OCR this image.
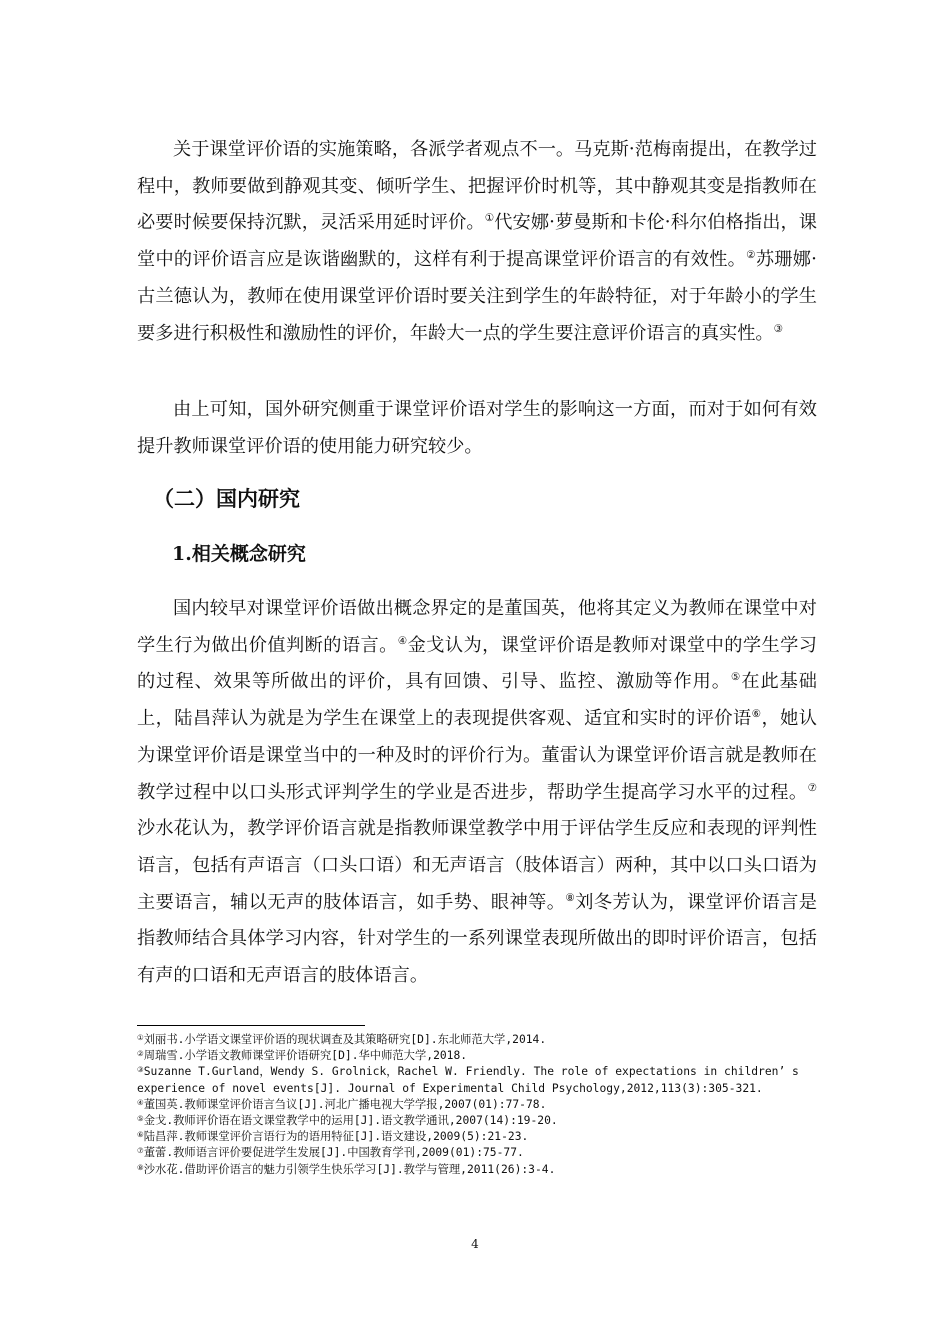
关于课堂评价语的实施策略，各派学者观点不一。马克斯·范梅南提出，在教学过程中，教师要做到静观其变、倾听学生、把握评价时机等，其中静观其变是指教师在必要时候要保持沉默，灵活采用延时评价。①代安娜·萝曼斯和卡伦·科尔伯格指出，课堂中的评价语言应是诙谐幽默的，这样有利于提高课堂评价语言的有效性。②苏珊娜·古兰德认为，教师在使用课堂评价语时要关注到学生的年龄特征，对于年龄小的学生要多进行积极性和激励性的评价，年龄大一点的学生要注意评价语言的真实性。③

由上可知，国外研究侧重于课堂评价语对学生的影响这一方面，而对于如何有效提升教师课堂评价语的使用能力研究较少。

（二）国内研究
1.相关概念研究

国内较早对课堂评价语做出概念界定的是董国英，他将其定义为教师在课堂中对学生行为做出价值判断的语言。④金戈认为，课堂评价语是教师对课堂中的学生学习的过程、效果等所做出的评价，具有回馈、引导、监控、激励等作用。⑤在此基础上，陆昌萍认为就是为学生在课堂上的表现提供客观、适宜和实时的评价语⑥，她认为课堂评价语是课堂当中的一种及时的评价行为。董雷认为课堂评价语言就是教师在教学过程中以口头形式评判学生的学业是否进步，帮助学生提高学习水平的过程。⑦沙水花认为，教学评价语言就是指教师课堂教学中用于评估学生反应和表现的评判性语言，包括有声语言（口头口语）和无声语言（肢体语言）两种，其中以口头口语为主要语言，辅以无声的肢体语言，如手势、眼神等。⑧刘冬芳认为，课堂评价语言是指教师结合具体学习内容，针对学生的一系列课堂表现所做出的即时评价语言，包括有声的口语和无声语言的肢体语言。

①刘丽书.小学语文课堂评价语的现状调查及其策略研究[D].东北师范大学,2014.
②周瑞雪.小学语文教师课堂评价语研究[D].华中师范大学,2018.
③Suzanne T.Gurland，Wendy S. Grolnick，Rachel W. Friendly. The role of expectations in children’ s experience of novel events[J]. Journal of Experimental Child Psychology,2012,113(3):305-321.
④董国英.教师课堂评价语言刍议[J].河北广播电视大学学报,2007(01):77-78.
⑤金戈.教师评价语在语文课堂教学中的运用[J].语文教学通讯,2007(14):19-20.
⑥陆昌萍.教师课堂评价言语行为的语用特征[J].语文建设,2009(5):21-23.
⑦董蕾.教师语言评价要促进学生发展[J].中国教育学刊,2009(01):75-77.
⑧沙水花.借助评价语言的魅力引领学生快乐学习[J].教学与管理,2011(26):3-4.
4
